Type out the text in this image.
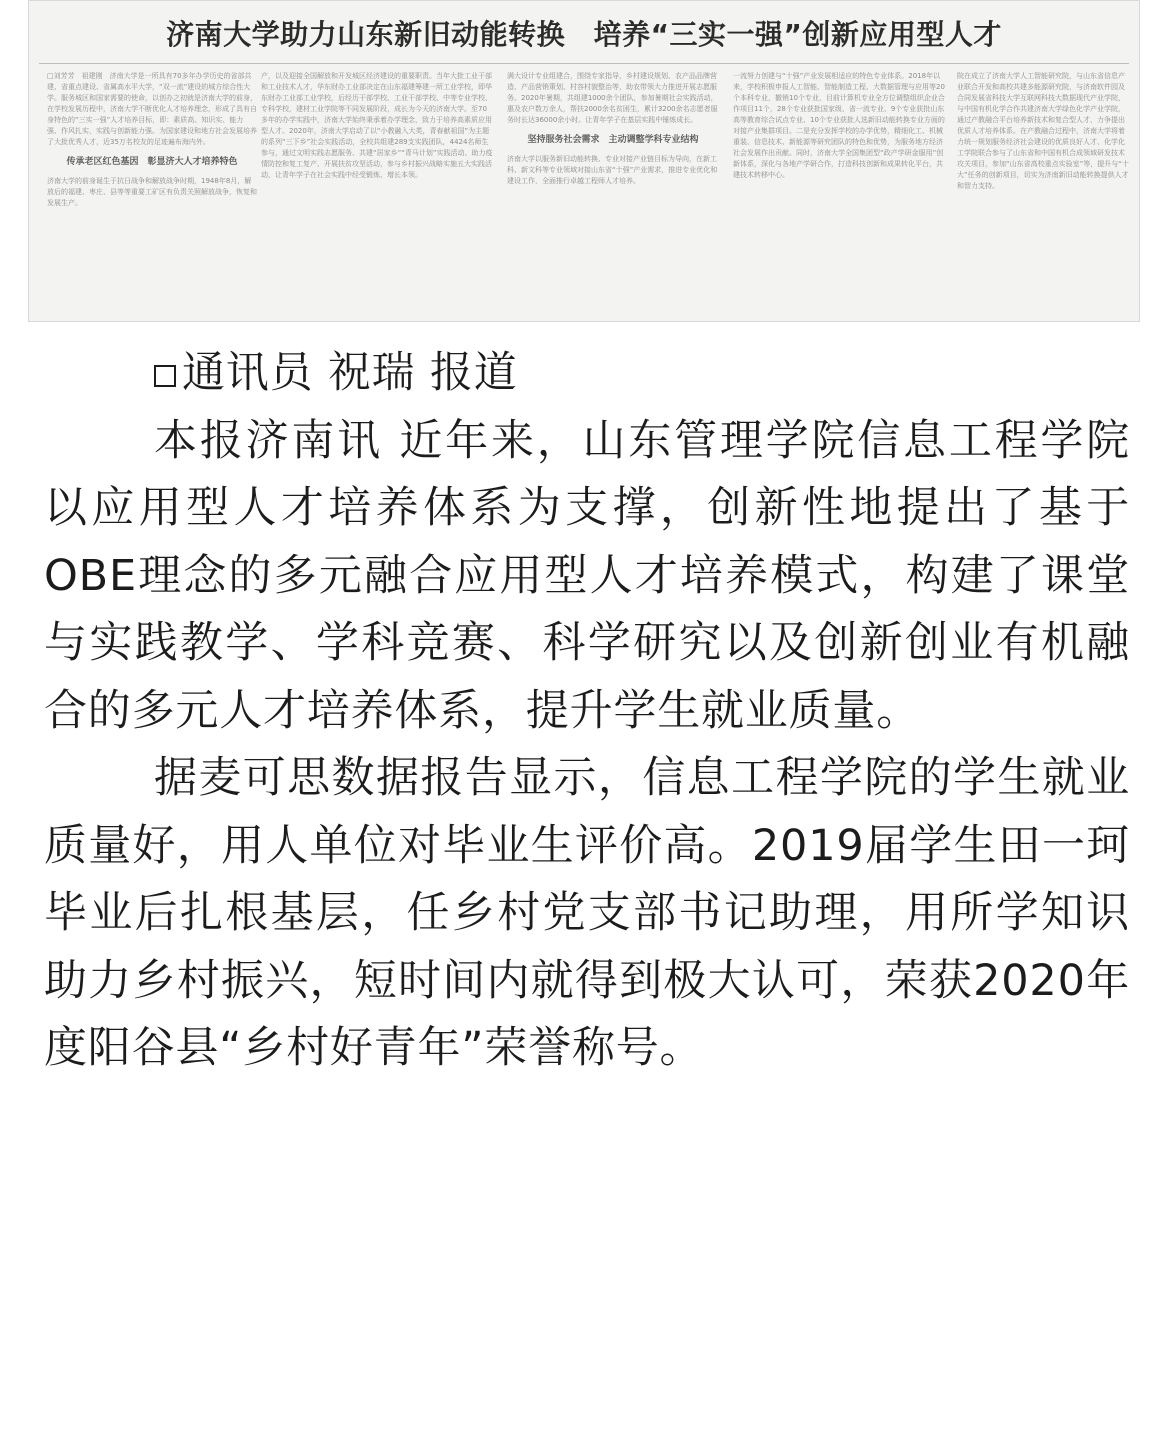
济南大学助力山东新旧动能转换　培养“三实一强”创新应用型人才
□刘芳芳　祖建刚　济南大学是一所具有70多年办学历史的省部共建、省重点建设、省属高水平大学，“双一流”建设的城方综合性大学。服务城区和国家需要的使命，以创办之初就是济南大学的前身，在学校发展历程中，济南大学不断优化人才培养理念，形成了具有自身特色的“三实一强”人才培养目标，即：素质高、知识实、能力强、作风扎实，实践与创新能力强。为国家建设和地方社会发展培养了大批优秀人才，近35万名校友的足迹遍布海内外。
传承老区红色基因　彰显济大人才培养特色
济南大学的前身诞生于抗日战争和解放战争时期，1948年8月，解放后的福建、枣庄、县等等重要工矿区有负责关照解放战争，恢复和发展生产。
产，以及迎接全国解放和开发城区经济建设的重要职责。当年大批工业干部和工业技术人才，华东财办工业部决定在山东福建筹建一所工业学校，即华东财办工业部工业学校，后经历干部学校、工业干部学校、中等专业学校、专科学校，建材工业学院等不同发展阶段，成长为今天的济南大学。至70多年的办学实践中，济南大学始终秉承着办学理念，致力于培养高素质应用型人才。2020年，济南大学启动了以“小教融入大类，青春献祖国”为主题的系列“三下乡”社会实践活动，全校共组建289支实践团队，4424名师生参与，通过文明实践志愿服务、共建“居家乡”“青马计划”实践活动、助力疫情防控和复工复产、开展扶贫攻坚活动，参与乡村振兴战略实施五大实践活动，让青年学子在社会实践中经受锻炼、增长本领。
满大设计专业组建合，围绕专家指导，乡村建设规划、农产品品牌营造、产品营销策划、村容村貌整治等，助农带领大力推进开展志愿服务。2020年暑期，共组建1000余个团队，参加暑期社会实践活动，惠及农户数万余人，帮扶2000余名贫困生，累计3200余名志愿者服务时长达36000余小时。让青年学子在基层实践中锤炼成长。
坚持服务社会需求　主动调整学科专业结构
济南大学以服务新旧动能转换、专业对接产业链目标为导向，在新工科、新文科等专业领域对接山东省“十强”产业需求，推进专业优化和建设工作，全面推行卓越工程师人才培养。
一流努力创建与“十强”产业发展相适应的特色专业体系。2018年以来，学校积极申报人工智能、智能制造工程、大数据管理与应用等20个本科专业，撤销10个专业，目前计算机专业全方位调整组织企业合作项目11个，28个专业获批国家级、省一流专业、9个专业获批山东高等教育综合试点专业、10个专业获批人选新旧动能转换专业方面的对接产业集群项目。二是充分发挥学校的办学优势，精细化工、机械重装、信息技术、新能源等研究团队的特色和优势，为服务地方经济社会发展作出贡献。同时，济南大学全国集团型“政产学研金服用”创新体系，深化与各地产学研合作，打造科技创新和成果转化平台，共建技术转移中心。
院在成立了济南大学人工智能研究院，与山东省信息产业联合开发和高校共建多能源研究院，与济南软件园及合同发展省科技大学互联网科技大数据现代产业学院，与中国有机化学合作共建济南大学绿色化学产业学院，通过产教融合平台培养新技术和复合型人才，力争提出优质人才培养体系。在产教融合过程中，济南大学将着力统一规划服务经济社会建设的优质良好人才、化学化工学院联合参与了山东省和中国有机合成领域研发技术攻关项目，参加“山东省高校重点实验室”等，提升与“十大”任务的创新项目，切实为济南新旧动能转换提供人才和智力支持。

通讯员 祝瑞 报道

本报济南讯 近年来，山东管理学院信息工程学院以应用型人才培养体系为支撑，创新性地提出了基于OBE理念的多元融合应用型人才培养模式，构建了课堂与实践教学、学科竞赛、科学研究以及创新创业有机融合的多元人才培养体系，提升学生就业质量。

据麦可思数据报告显示，信息工程学院的学生就业质量好，用人单位对毕业生评价高。2019届学生田一珂毕业后扎根基层，任乡村党支部书记助理，用所学知识助力乡村振兴，短时间内就得到极大认可，荣获2020年度阳谷县“乡村好青年”荣誉称号。
